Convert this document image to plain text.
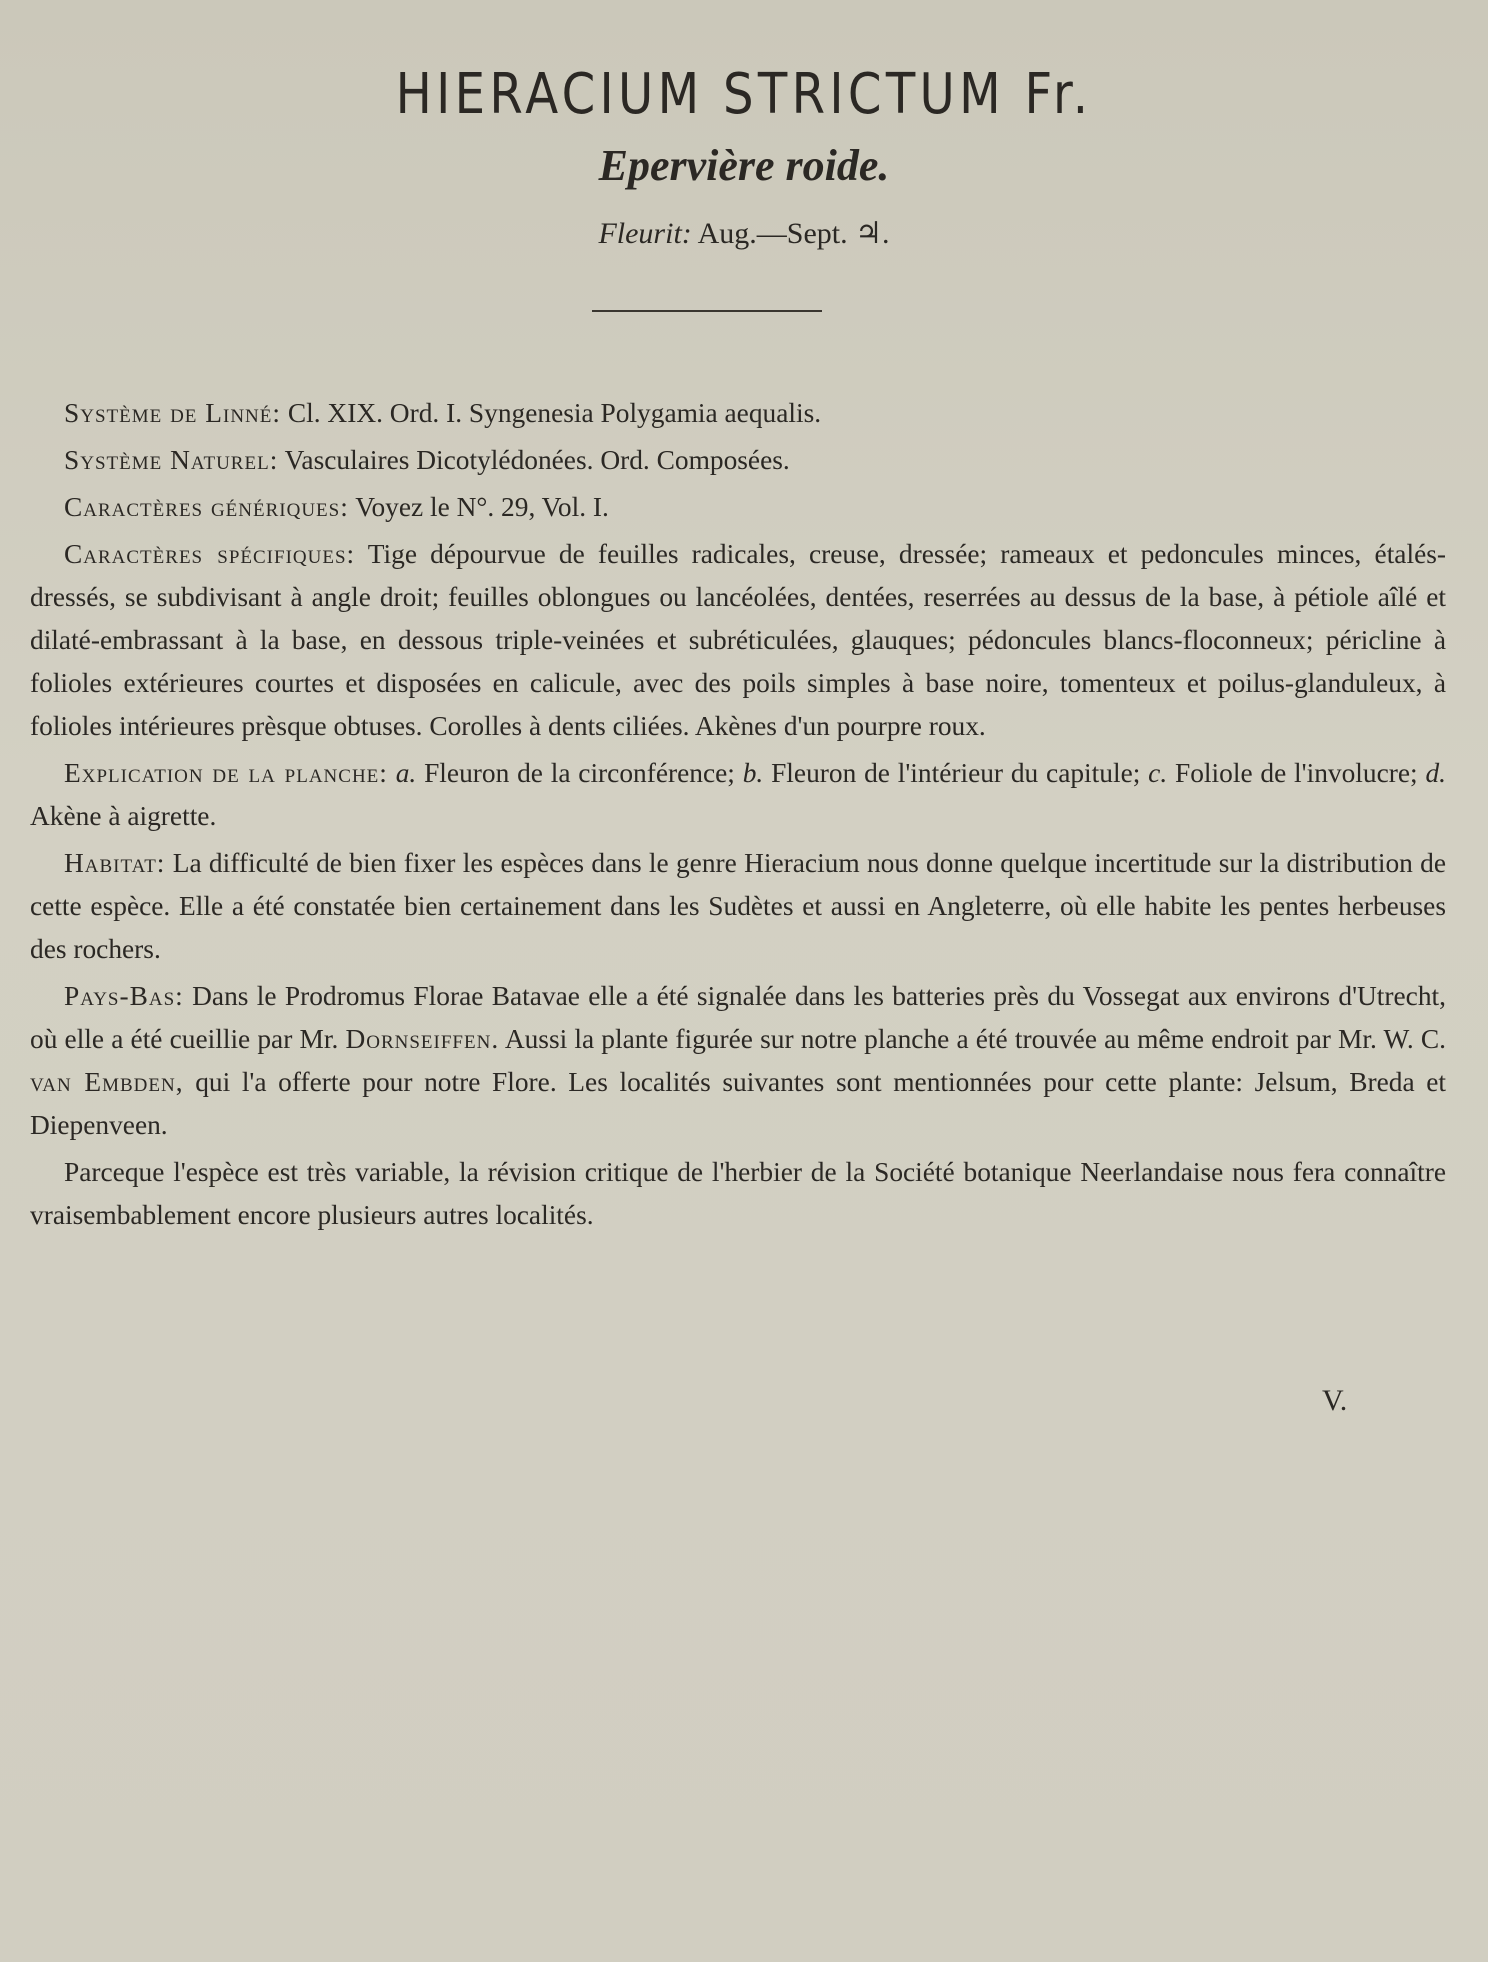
HIERACIUM STRICTUM Fr.
Epervière roide.
Fleurit: Aug.—Sept. ♃.

Système de Linné: Cl. XIX. Ord. I. Syngenesia Polygamia aequalis.

Système Naturel: Vasculaires Dicotylédonées. Ord. Composées.

Caractères génériques: Voyez le N°. 29, Vol. I.

Caractères spécifiques: Tige dépourvue de feuilles radicales, creuse, dressée; rameaux et pedoncules minces, étalés-dressés, se subdivisant à angle droit; feuilles oblongues ou lancéolées, dentées, reserrées au dessus de la base, à pétiole aîlé et dilaté-embrassant à la base, en dessous triple-veinées et subréticulées, glauques; pédoncules blancs-floconneux; péricline à folioles extérieures courtes et disposées en calicule, avec des poils simples à base noire, tomenteux et poilus-glanduleux, à folioles intérieures prèsque obtuses. Corolles à dents ciliées. Akènes d'un pourpre roux.

Explication de la planche: a. Fleuron de la circonférence; b. Fleuron de l'intérieur du capitule; c. Foliole de l'involucre; d. Akène à aigrette.

Habitat: La difficulté de bien fixer les espèces dans le genre Hieracium nous donne quelque incertitude sur la distribution de cette espèce. Elle a été constatée bien certainement dans les Sudètes et aussi en Angleterre, où elle habite les pentes herbeuses des rochers.

Pays-Bas: Dans le Prodromus Florae Batavae elle a été signalée dans les batteries près du Vossegat aux environs d'Utrecht, où elle a été cueillie par Mr. Dornseiffen. Aussi la plante figurée sur notre planche a été trouvée au même endroit par Mr. W. C. van Embden, qui l'a offerte pour notre Flore. Les localités suivantes sont mentionnées pour cette plante: Jelsum, Breda et Diepenveen.

Parceque l'espèce est très variable, la révision critique de l'herbier de la Société botanique Neerlandaise nous fera connaître vraisembablement encore plusieurs autres localités.

V.
